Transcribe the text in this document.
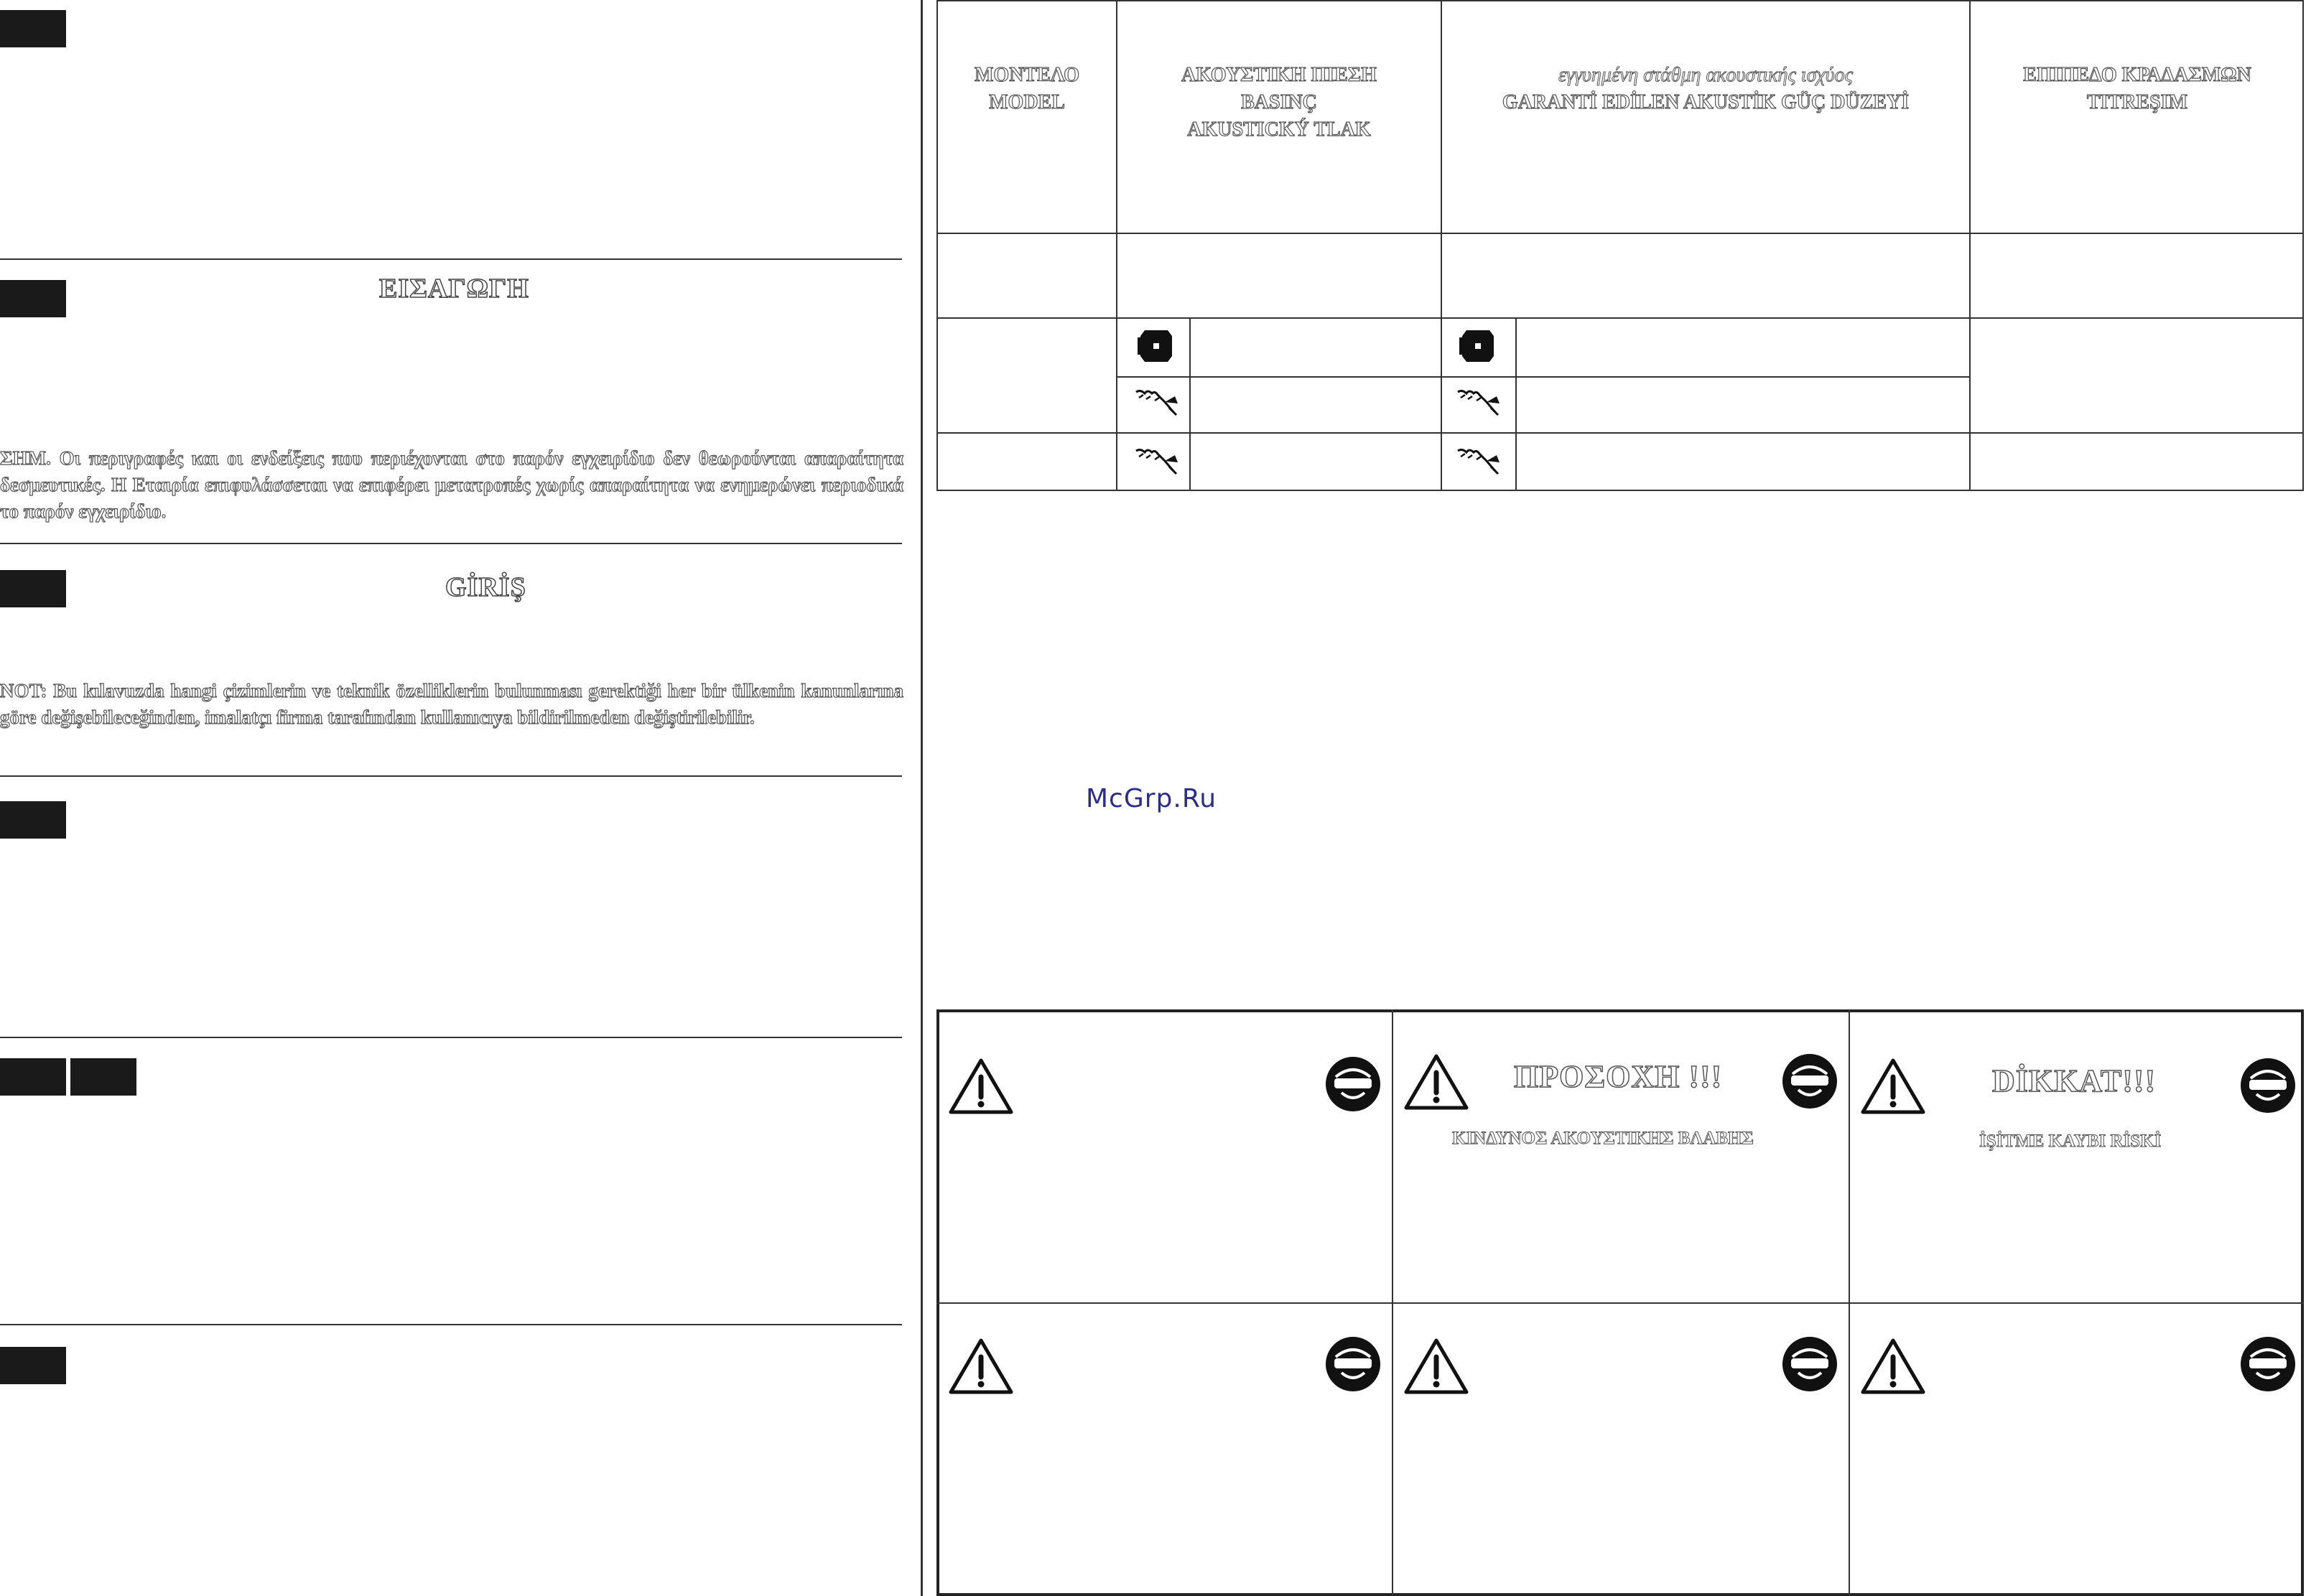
ΕΙΣΑΓΩΓΗ
ΣΗΜ. Οι περιγραφές και οι ενδείξεις που περιέχονται στο παρόν εγχειρίδιο δεν θεωρούνται απαραίτητα δεσμευτικές. Η Εταιρία επιφυλάσσεται να επιφέρει μετατροπές χωρίς απαραίτητα να ενημερώνει περιοδικά το παρόν εγχειρίδιο.
GİRİŞ
NOT: Bu kılavuzda hangi çizimlerin ve teknik özelliklerin bulunması gerektiği her bir ülkenin kanunlarına göre değişebileceğinden, imalatçı firma tarafından kullanıcıya bildirilmeden değiştirilebilir.
ΜΟΝΤΕΛΟ
MODEL
ΑΚΟΥΣΤΙΚΗ ΠΙΕΣΗ
BASINÇ
AKUSTICKÝ TLAK
εγγυημένη στάθμη ακουστικής ισχύος
GARANTİ EDİLEN AKUSTİK GÜÇ DÜZEYİ
ΕΠΙΠΕΔΟ ΚΡΑΔΑΣΜΩΝ
TITREŞIM
McGrp.Ru
ΠΡΟΣΟΧΗ !!!
ΚΙΝΔΥΝΟΣ ΑΚΟΥΣΤΙΚΗΣ ΒΛΑΒΗΣ
DİKKAT!!!
İŞİTME KAYBI RİSKİ
